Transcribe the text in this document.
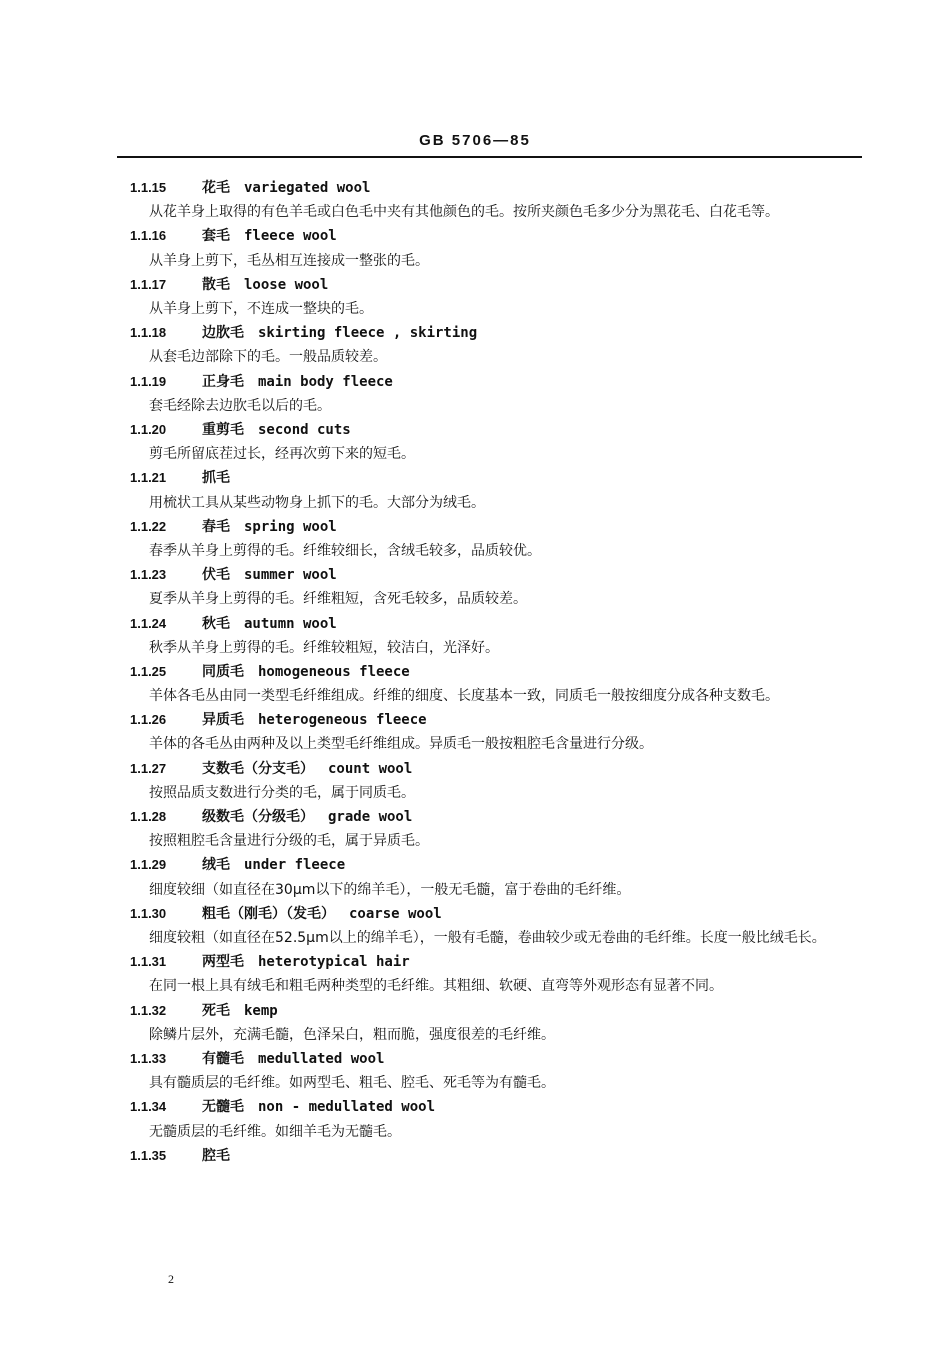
GB 5706—85
1.1.15	花毛 variegated wool

从花羊身上取得的有色羊毛或白色毛中夹有其他颜色的毛。按所夹颜色毛多少分为黑花毛、白花毛等。

1.1.16	套毛 fleece wool

从羊身上剪下，毛丛相互连接成一整张的毛。

1.1.17	散毛 loose wool

从羊身上剪下，不连成一整块的毛。

1.1.18	边肷毛 skirting fleece , skirting

从套毛边部除下的毛。一般品质较差。

1.1.19	正身毛 main body fleece

套毛经除去边肷毛以后的毛。

1.1.20	重剪毛 second cuts

剪毛所留底茬过长，经再次剪下来的短毛。

1.1.21	抓毛

用梳状工具从某些动物身上抓下的毛。大部分为绒毛。

1.1.22	春毛 spring wool

春季从羊身上剪得的毛。纤维较细长，含绒毛较多，品质较优。

1.1.23	伏毛 summer wool

夏季从羊身上剪得的毛。纤维粗短，含死毛较多，品质较差。

1.1.24	秋毛 autumn wool

秋季从羊身上剪得的毛。纤维较粗短，较洁白，光泽好。

1.1.25	同质毛 homogeneous fleece

羊体各毛丛由同一类型毛纤维组成。纤维的细度、长度基本一致，同质毛一般按细度分成各种支数毛。

1.1.26	异质毛 heterogeneous fleece

羊体的各毛丛由两种及以上类型毛纤维组成。异质毛一般按粗腔毛含量进行分级。

1.1.27	支数毛（分支毛） count wool

按照品质支数进行分类的毛，属于同质毛。

1.1.28	级数毛（分级毛） grade wool

按照粗腔毛含量进行分级的毛，属于异质毛。

1.1.29	绒毛 under fleece

细度较细（如直径在30μm以下的绵羊毛），一般无毛髓，富于卷曲的毛纤维。

1.1.30	粗毛（刚毛）（发毛） coarse wool

细度较粗（如直径在52.5μm以上的绵羊毛），一般有毛髓，卷曲较少或无卷曲的毛纤维。长度一般比绒毛长。

1.1.31	两型毛 heterotypical hair

在同一根上具有绒毛和粗毛两种类型的毛纤维。其粗细、软硬、直弯等外观形态有显著不同。

1.1.32	死毛 kemp

除鳞片层外，充满毛髓，色泽呆白，粗而脆，强度很差的毛纤维。

1.1.33	有髓毛 medullated wool

具有髓质层的毛纤维。如两型毛、粗毛、腔毛、死毛等为有髓毛。

1.1.34	无髓毛 non - medullated wool

无髓质层的毛纤维。如细羊毛为无髓毛。

1.1.35	腔毛
2
